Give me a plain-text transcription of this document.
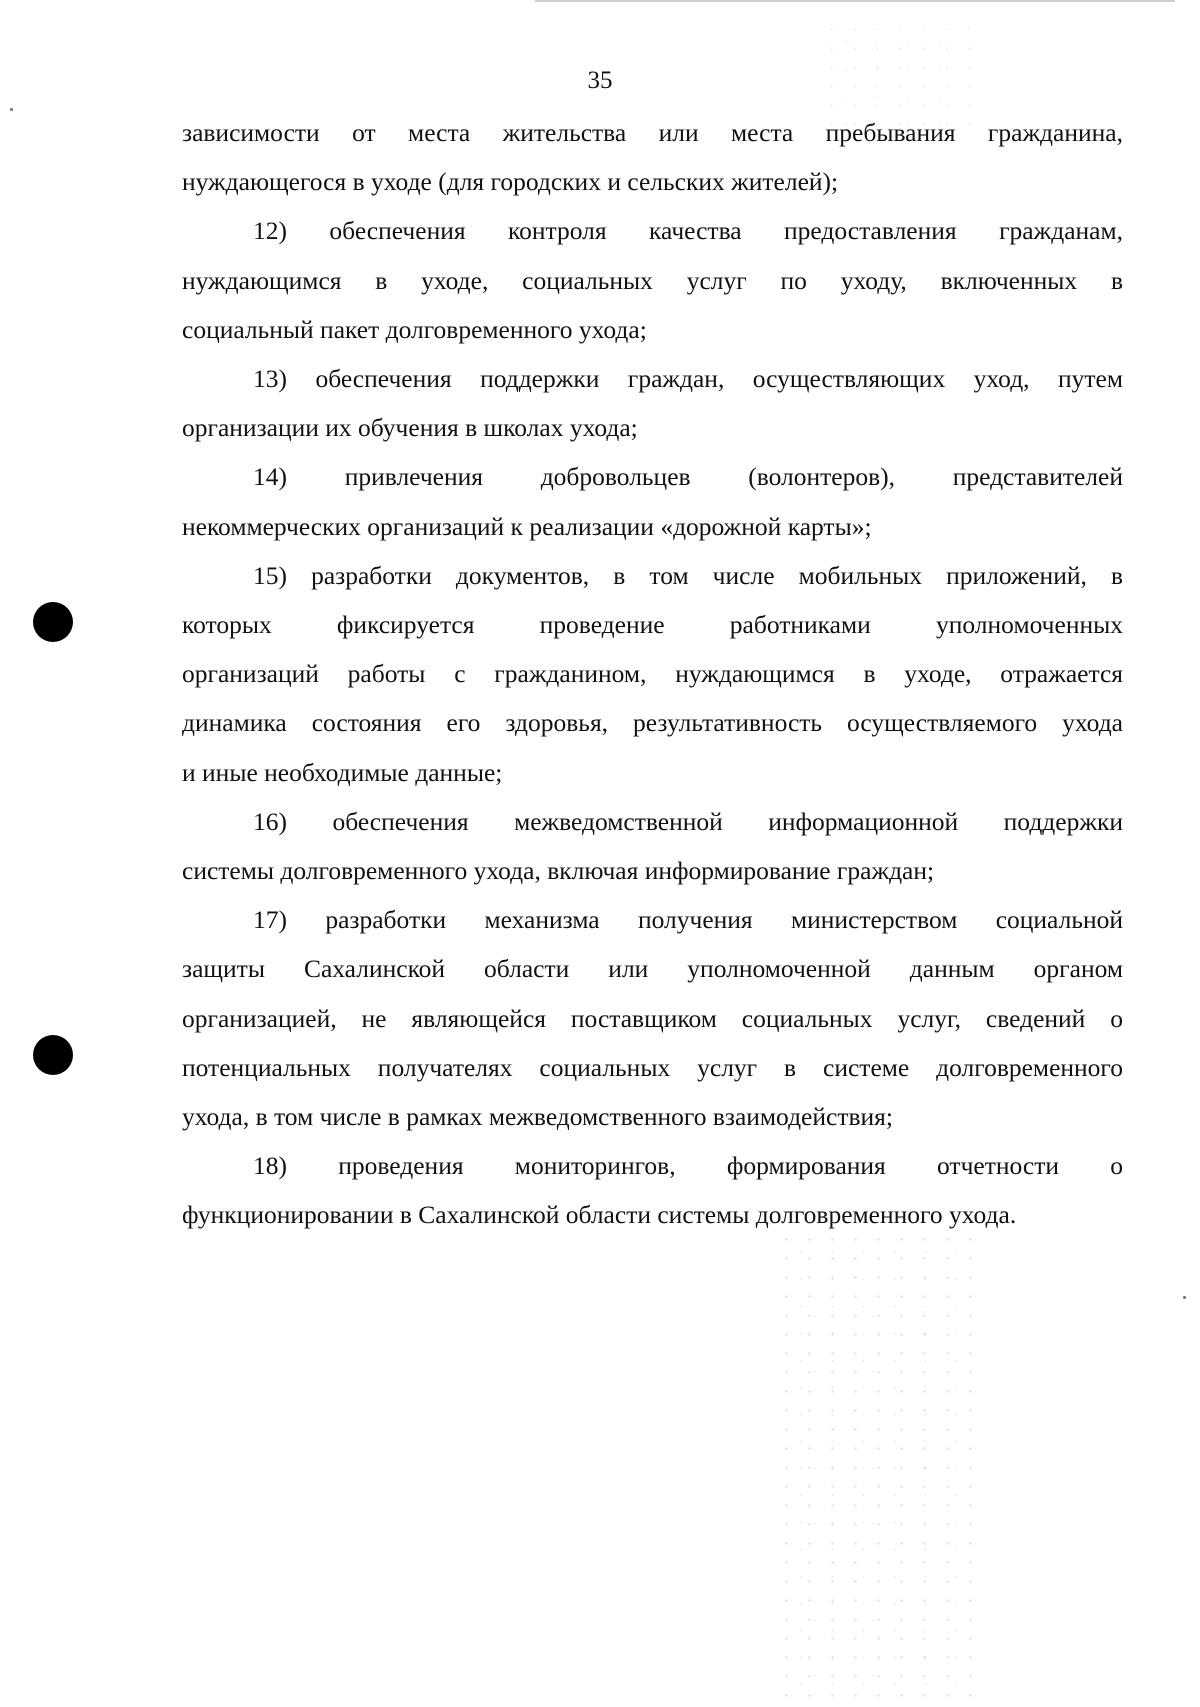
35

зависимости от места жительства или места пребывания гражданина,
нуждающегося в уходе (для городских и сельских жителей);

12) обеспечения контроля качества предоставления гражданам,
нуждающимся в уходе, социальных услуг по уходу, включенных в
социальный пакет долговременного ухода;

13) обеспечения поддержки граждан, осуществляющих уход, путем
организации их обучения в школах ухода;

14) привлечения добровольцев (волонтеров), представителей
некоммерческих организаций к реализации «дорожной карты»;

15) разработки документов, в том числе мобильных приложений, в
которых фиксируется проведение работниками уполномоченных
организаций работы с гражданином, нуждающимся в уходе, отражается
динамика состояния его здоровья, результативность осуществляемого ухода
и иные необходимые данные;

16) обеспечения межведомственной информационной поддержки
системы долговременного ухода, включая информирование граждан;

17) разработки механизма получения министерством социальной
защиты Сахалинской области или уполномоченной данным органом
организацией, не являющейся поставщиком социальных услуг, сведений о
потенциальных получателях социальных услуг в системе долговременного
ухода, в том числе в рамках межведомственного взаимодействия;

18) проведения мониторингов, формирования отчетности о
функционировании в Сахалинской области системы долговременного ухода.
